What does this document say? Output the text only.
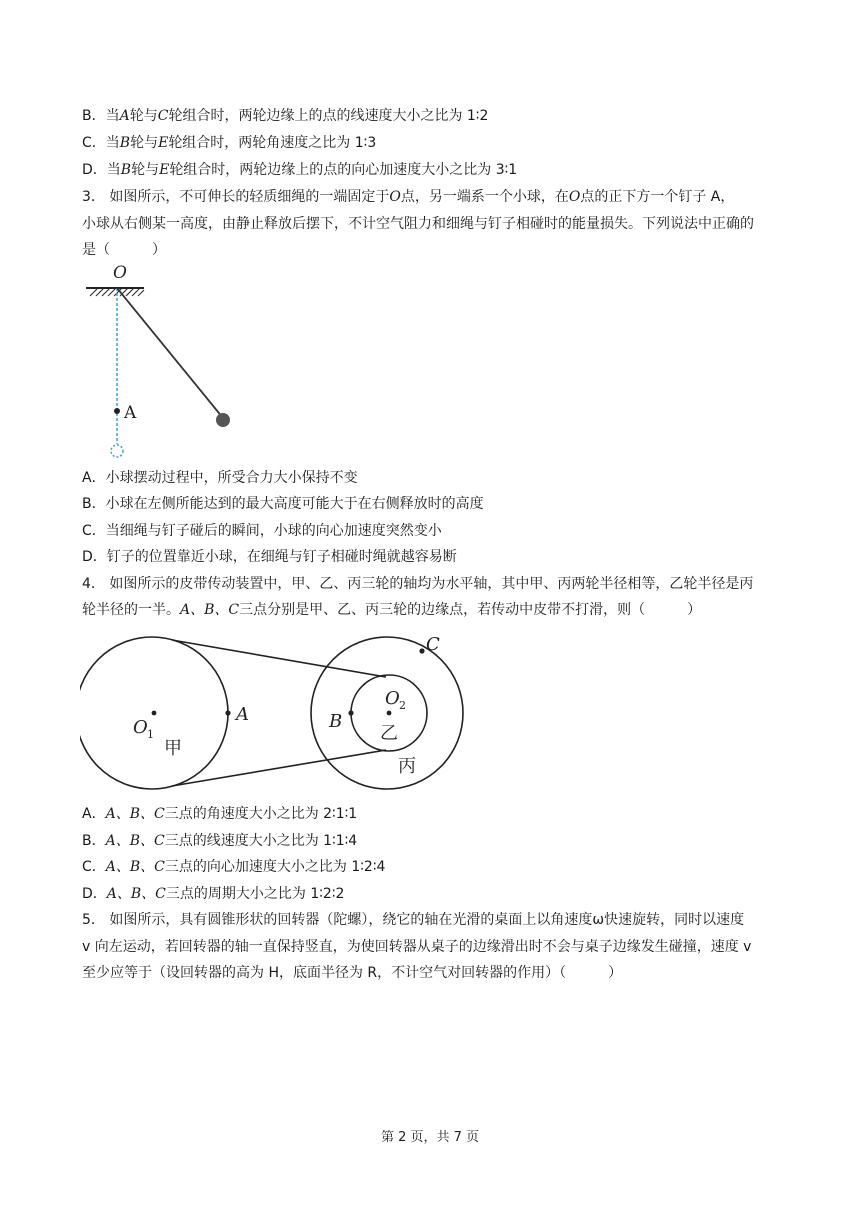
B．当A轮与C轮组合时，两轮边缘上的点的线速度大小之比为 1∶2
C．当B轮与E轮组合时，两轮角速度之比为 1∶3
D．当B轮与E轮组合时，两轮边缘上的点的向心加速度大小之比为 3∶1
3． 如图所示，不可伸长的轻质细绳的一端固定于O点，另一端系一个小球，在O点的正下方一个钉子 A，
小球从右侧某一高度，由静止释放后摆下，不计空气阻力和细绳与钉子相碰时的能量损失。下列说法中正确的
是（　　　）
O
A
A．小球摆动过程中，所受合力大小保持不变
B．小球在左侧所能达到的最大高度可能大于在右侧释放时的高度
C．当细绳与钉子碰后的瞬间，小球的向心加速度突然变小
D．钉子的位置靠近小球，在细绳与钉子相碰时绳就越容易断
4． 如图所示的皮带传动装置中，甲、乙、丙三轮的轴均为水平轴，其中甲、丙两轮半径相等，乙轮半径是丙
轮半径的一半。A、B、C三点分别是甲、乙、丙三轮的边缘点，若传动中皮带不打滑，则（　　　）
O 1
甲
A	B
O 2
乙
C
丙
A．A、B、C三点的角速度大小之比为 2∶1∶1
B．A、B、C三点的线速度大小之比为 1∶1∶4
C．A、B、C三点的向心加速度大小之比为 1∶2∶4
D．A、B、C三点的周期大小之比为 1∶2∶2
5． 如图所示，具有圆锥形状的回转器（陀螺），绕它的轴在光滑的桌面上以角速度ω快速旋转，同时以速度
v 向左运动，若回转器的轴一直保持竖直，为使回转器从桌子的边缘滑出时不会与桌子边缘发生碰撞，速度 v
至少应等于（设回转器的高为 H，底面半径为 R，不计空气对回转器的作用）（　　　）
第 2 页，共 7 页
